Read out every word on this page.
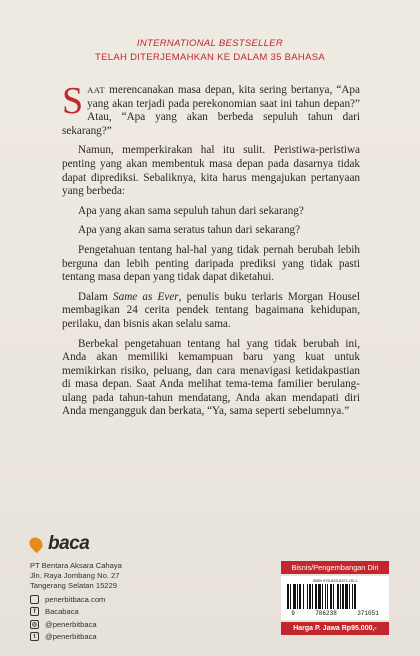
INTERNATIONAL BESTSELLER
TELAH DITERJEMAHKAN KE DALAM 35 BAHASA

SAAT merencanakan masa depan, kita sering bertanya, “Apa yang akan terjadi pada perekonomian saat ini tahun depan?” Atau, “Apa yang akan berbeda sepuluh tahun dari sekarang?”

Namun, memperkirakan hal itu sulit. Peristiwa-peristiwa penting yang akan membentuk masa depan pada dasarnya tidak dapat diprediksi. Sebaliknya, kita harus mengajukan pertanyaan yang berbeda:

Apa yang akan sama sepuluh tahun dari sekarang?

Apa yang akan sama seratus tahun dari sekarang?

Pengetahuan tentang hal-hal yang tidak pernah berubah lebih berguna dan lebih penting daripada prediksi yang tidak pasti tentang masa depan yang tidak dapat diketahui.

Dalam Same as Ever, penulis buku terlaris Morgan Housel membagikan 24 cerita pendek tentang bagaimana kehidupan, perilaku, dan bisnis akan selalu sama.

Berbekal pengetahuan tentang hal yang tidak berubah ini, Anda akan memiliki kemampuan baru yang kuat untuk memikirkan risiko, peluang, dan cara menavigasi ketidakpastian di masa depan. Saat Anda melihat tema-tema familier berulang-ulang pada tahun-tahun mendatang, Anda akan mendapati diri Anda mengangguk dan berkata, “Ya, sama seperti sebelumnya.”

baca
PT Bentara Aksara Cahaya
Jln. Raya Jombang No. 27
Tangerang Selatan 15229
penerbitbaca.com
f	Bacabaca
◎ @penerbitbaca
t	@penerbitbaca
Bisnis/Pengembangan Diri
ISBN 978-623-8371-05-1
9	786238	371051
Harga P. Jawa Rp95.000,-
